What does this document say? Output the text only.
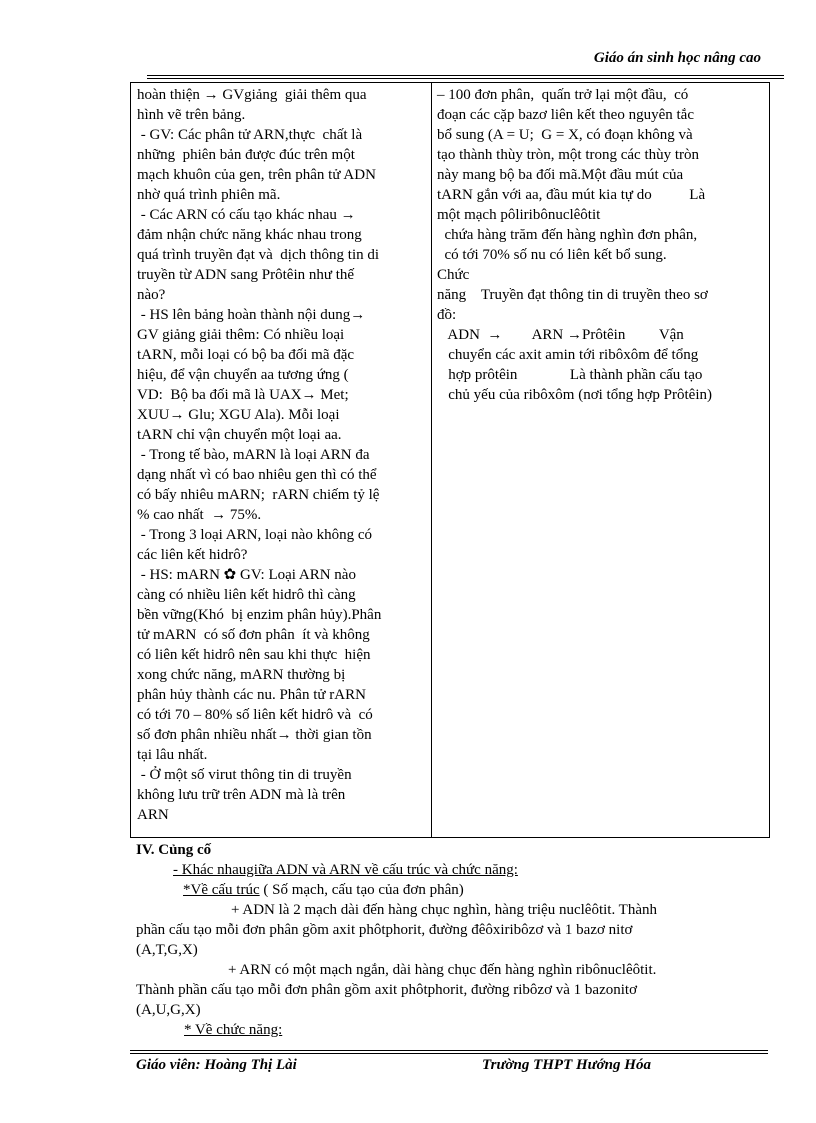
Giáo án sinh học nâng cao
hoàn thiện → GVgiảng  giải thêm qua
hình vẽ trên bảng.
- GV: Các phân tử ARN,thực  chất là
những  phiên bản được đúc trên một
mạch khuôn của gen, trên phân tử ADN
nhờ quá trình phiên mã.
- Các ARN có cấu tạo khác nhau →
đảm nhận chức năng khác nhau trong
quá trình truyền đạt và  dịch thông tin di
truyền từ ADN sang Prôtêin như thế
nào?
- HS lên bảng hoàn thành nội dung→
GV giảng giải thêm: Có nhiều loại
tARN, mỗi loại có bộ ba đối mã đặc
hiệu, để vận chuyển aa tương ứng (
VD:  Bộ ba đối mã là UAX→ Met;
XUU→ Glu; XGU Ala). Mỗi loại
tARN chỉ vận chuyển một loại aa.
- Trong tế bào, mARN là loại ARN đa
dạng nhất vì có bao nhiêu gen thì có thể
có bấy nhiêu mARN;  rARN chiếm tỷ lệ
% cao nhất  → 75%.
- Trong 3 loại ARN, loại nào không có
các liên kết hidrô?
- HS: mARN ✿ GV: Loại ARN nào
càng có nhiều liên kết hidrô thì càng
bền vững(Khó  bị enzim phân hủy).Phân
tử mARN  có số đơn phân  ít và không
có liên kết hidrô nên sau khi thực  hiện
xong chức năng, mARN thường bị
phân hủy thành các nu. Phân tử rARN
có tới 70 – 80% số liên kết hidrô và  có
số đơn phân nhiều nhất→ thời gian tồn
tại lâu nhất.
- Ở một số virut thông tin di truyền
không lưu trữ trên ADN mà là trên
ARN
– 100 đơn phân,  quấn trở lại một đầu,  có
đoạn các cặp bazơ liên kết theo nguyên tắc
bổ sung (A = U;  G = X, có đoạn không và
tạo thành thùy tròn, một trong các thùy tròn
này mang bộ ba đối mã.Một đầu mút của
tARN gắn với aa, đầu mút kia tự do          Là
một mạch pôliribônuclêôtit
chứa hàng trăm đến hàng nghìn đơn phân,
có tới 70% số nu có liên kết bổ sung.
Chức
năng    Truyền đạt thông tin di truyền theo sơ
đồ:
ADN  →        ARN →Prôtêin         Vận
chuyển các axit amin tới ribôxôm để tổng
hợp prôtêin              Là thành phần cấu tạo
chủ yếu của ribôxôm (nơi tổng hợp Prôtêin)
IV. Củng cố
- Khác nhaugiữa ADN và ARN về cấu trúc và chức năng:
*Về cấu trúc ( Số mạch, cấu tạo của đơn phân)
+ ADN là 2 mạch dài đến hàng chục nghìn, hàng triệu nuclêôtit. Thành
phần cấu tạo mỗi đơn phân gồm axit phôtphorit, đường đêôxiribôzơ và 1 bazơ nitơ
(A,T,G,X)
+ ARN có một mạch ngắn, dài hàng chục đến hàng nghìn ribônuclêôtit.
Thành phần cấu tạo mỗi đơn phân gồm axit phôtphorit, đường ribôzơ và 1 bazonitơ
(A,U,G,X)
* Về chức năng:
Giáo viên: Hoàng Thị Lài	Trường THPT Hướng Hóa
